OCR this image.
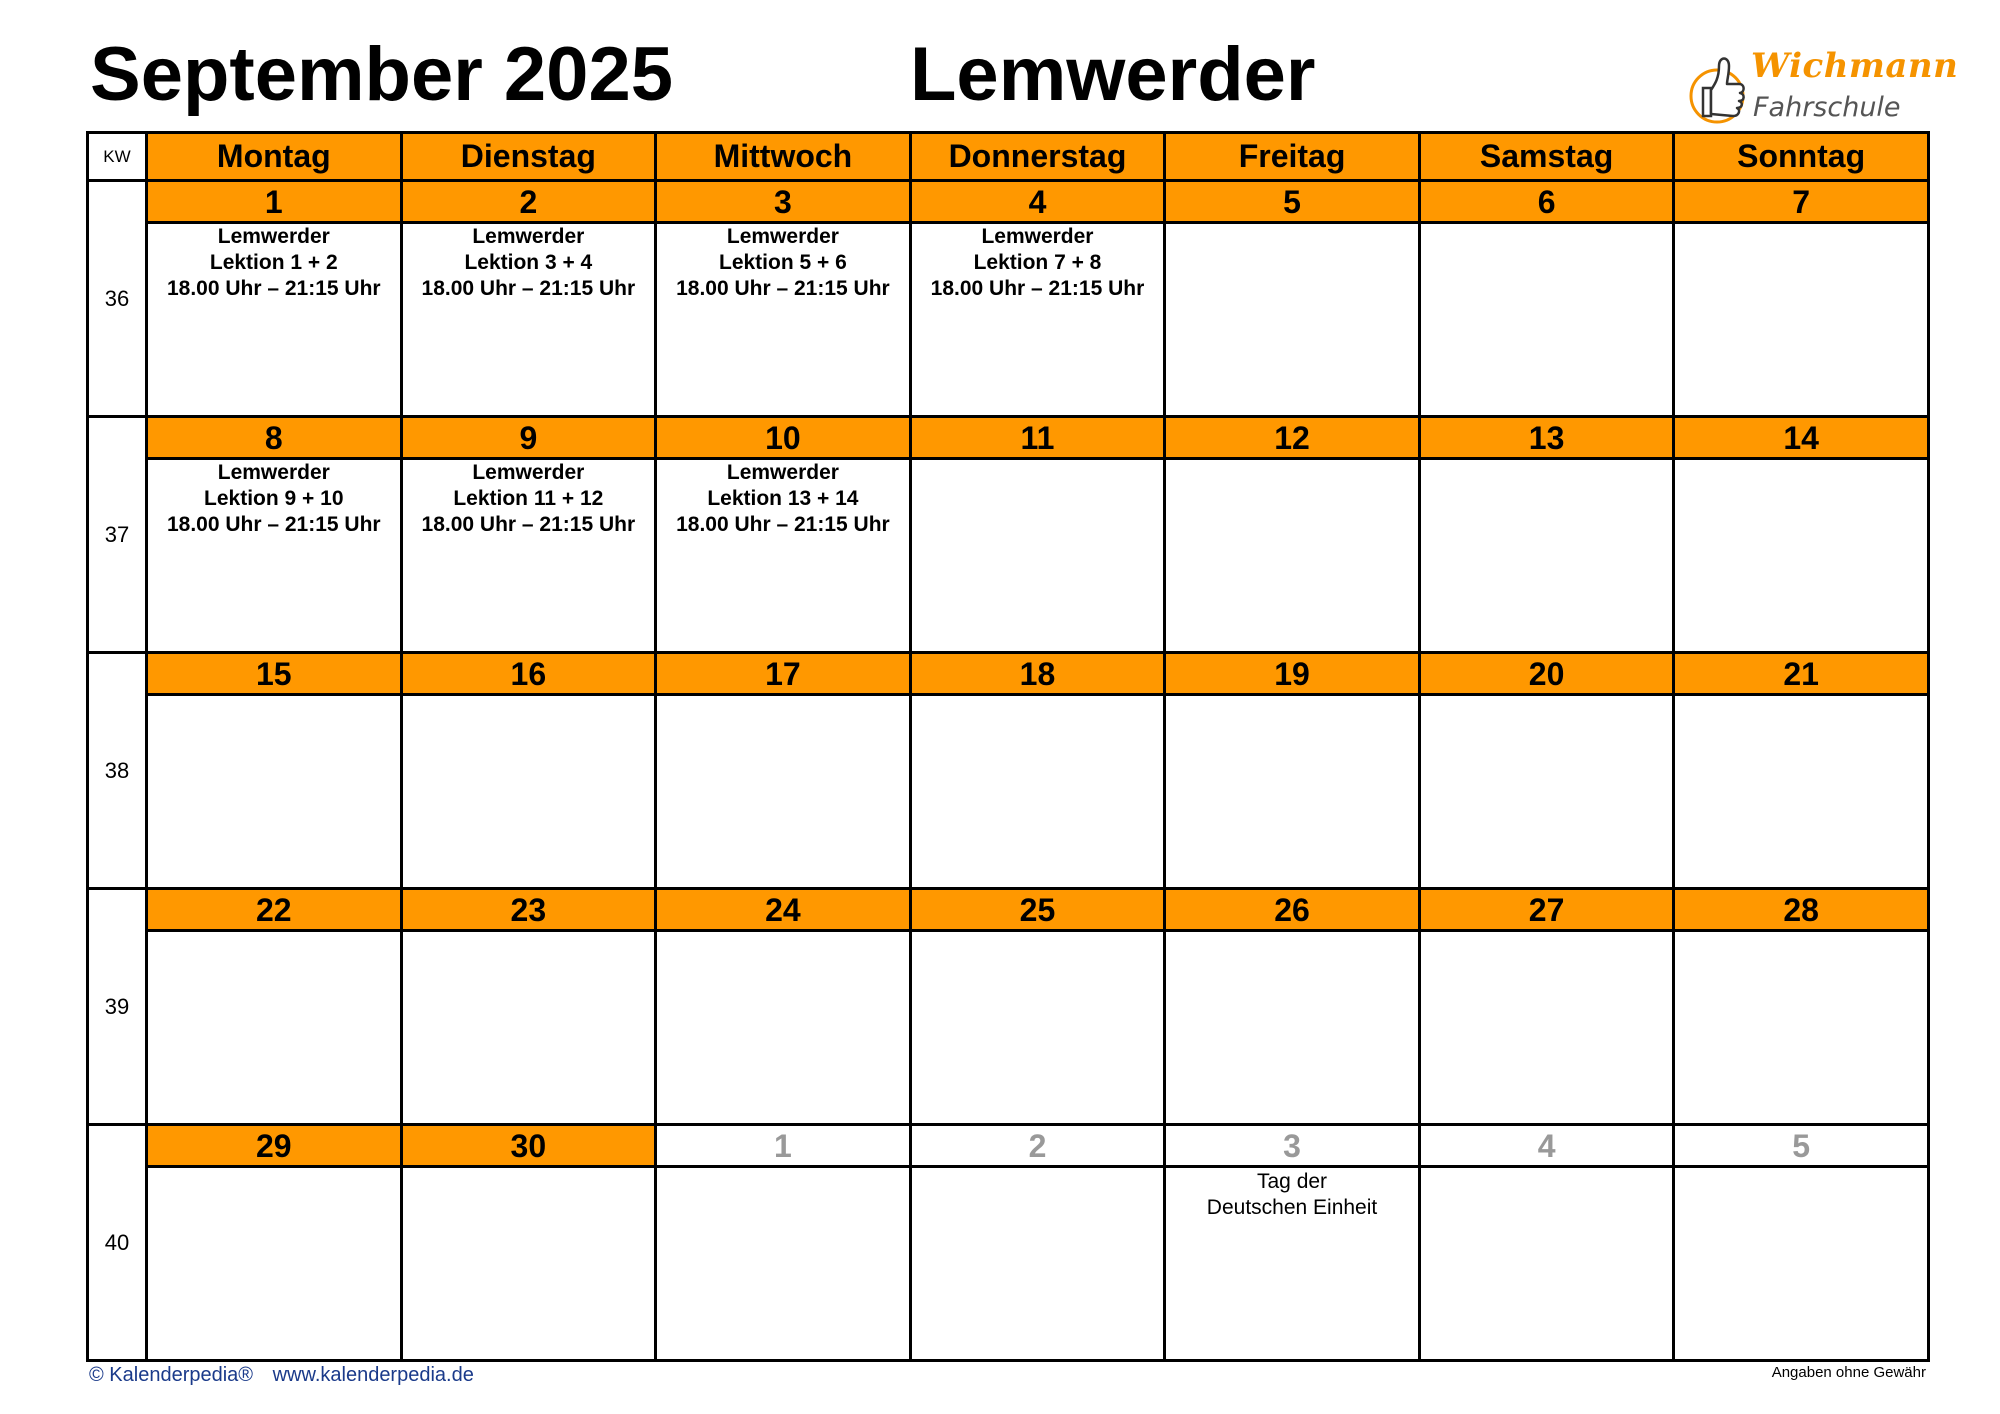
September 2025	Lemwerder	Wichmann
Fahrschule
KW	Montag	Dienstag	Mittwoch	Donnerstag	Freitag	Samstag	Sonntag
36	1	2	3	4	5	6	7

	Lemwerder
Lektion 1 + 2
18.00 Uhr – 21:15 Uhr	Lemwerder
Lektion 3 + 4
18.00 Uhr – 21:15 Uhr	Lemwerder
Lektion 5 + 6
18.00 Uhr – 21:15 Uhr	Lemwerder
Lektion 7 + 8
18.00 Uhr – 21:15 Uhr			

37	8	9	10	11	12	13	14

	Lemwerder
Lektion 9 + 10
18.00 Uhr – 21:15 Uhr	Lemwerder
Lektion 11 + 12
18.00 Uhr – 21:15 Uhr	Lemwerder
Lektion 13 + 14
18.00 Uhr – 21:15 Uhr				

38	15	16	17	18	19	20	21

39	22	23	24	25	26	27	28

40	29	30	1	2	3	4	5

					Tag der
Deutschen Einheit		

© Kalenderpedia® www.kalenderpedia.de	Angaben ohne Gewähr
